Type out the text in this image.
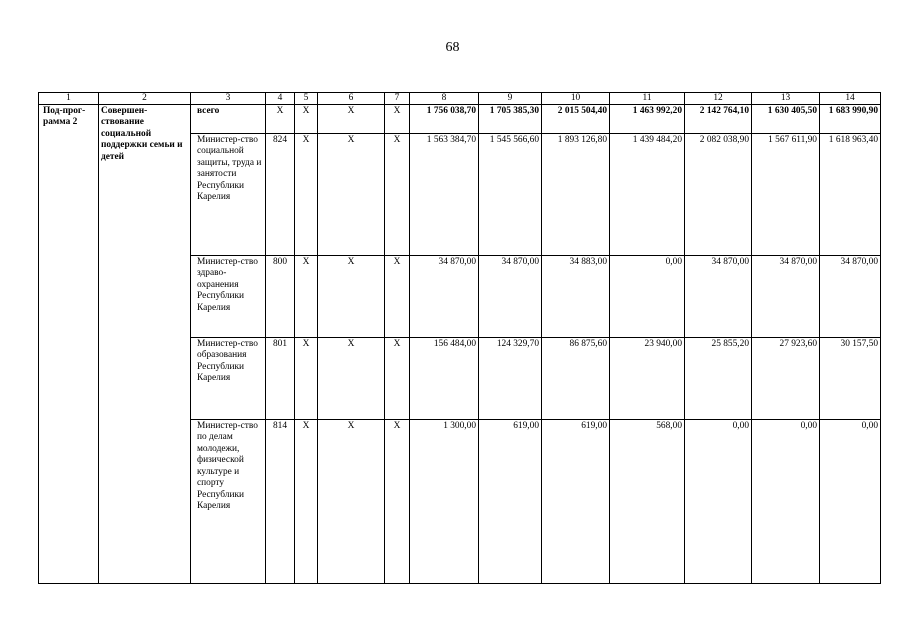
68
1	2	3	4	5	6	7	8	9	10	11	12	13	14
Под-прог-рамма 2	Совершен-ствование социальной поддержки семьи и детей	всего	Х	Х	Х	Х	1 756 038,70	1 705 385,30	2 015 504,40	1 463 992,20	2 142 764,10	1 630 405,50	1 683 990,90
		Министер-ство социальной защиты, труда и занятости Республики Карелия	824	Х	Х	Х	1 563 384,70	1 545 566,60	1 893 126,80	1 439 484,20	2 082 038,90	1 567 611,90	1 618 963,40
		Министер-ство здраво-охранения Республики Карелия	800	Х	Х	Х	34 870,00	34 870,00	34 883,00	0,00	34 870,00	34 870,00	34 870,00
		Министер-ство образования Республики Карелия	801	Х	Х	Х	156 484,00	124 329,70	86 875,60	23 940,00	25 855,20	27 923,60	30 157,50
		Министер-ство по делам молодежи, физической культуре и спорту Республики Карелия	814	Х	Х	Х	1 300,00	619,00	619,00	568,00	0,00	0,00	0,00
